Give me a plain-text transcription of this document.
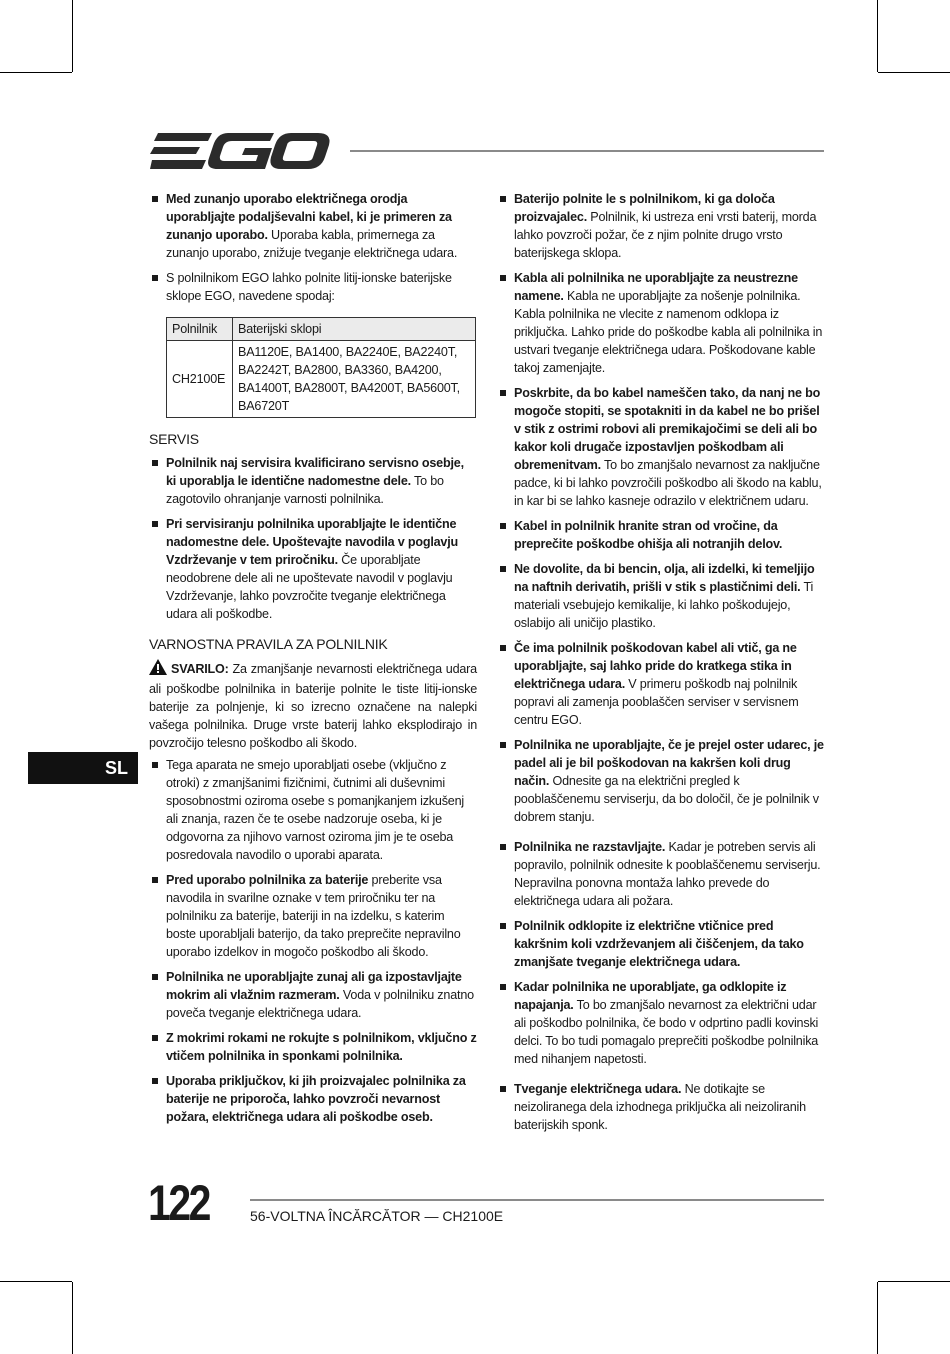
SL
Med zunanjo uporabo električnega orodja uporabljajte podaljševalni kabel, ki je primeren za zunanjo uporabo. Uporaba kabla, primernega za zunanjo uporabo, znižuje tveganje električnega udara.
S polnilnikom EGO lahko polnite litij-ionske baterijske sklope EGO, navedene spodaj:
Polnilnik	Baterijski sklopi
CH2100E	BA1120E, BA1400, BA2240E, BA2240T, BA2242T, BA2800, BA3360, BA4200, BA1400T, BA2800T, BA4200T, BA5600T, BA6720T
SERVIS
Polnilnik naj servisira kvalificirano servisno osebje, ki uporablja le identične nadomestne dele. To bo zagotovilo ohranjanje varnosti polnilnika.
Pri servisiranju polnilnika uporabljajte le identične nadomestne dele. Upoštevajte navodila v poglavju Vzdrževanje v tem priročniku. Če uporabljate neodobrene dele ali ne upoštevate navodil v poglavju Vzdrževanje, lahko povzročite tveganje električnega udara ali poškodbe.
VARNOSTNA PRAVILA ZA POLNILNIK
SVARILO: Za zmanjšanje nevarnosti električnega udara ali poškodbe polnilnika in baterije polnite le tiste litij-ionske baterije za polnjenje, ki so izrecno označene na nalepki vašega polnilnika. Druge vrste baterij lahko eksplodirajo in povzročijo telesno poškodbo ali škodo.
Tega aparata ne smejo uporabljati osebe (vključno z otroki) z zmanjšanimi fizičnimi, čutnimi ali duševnimi sposobnostmi oziroma osebe s pomanjkanjem izkušenj ali znanja, razen če te osebe nadzoruje oseba, ki je odgovorna za njihovo varnost oziroma jim je te oseba posredovala navodilo o uporabi aparata.
Pred uporabo polnilnika za baterije preberite vsa navodila in svarilne oznake v tem priročniku ter na polnilniku za baterije, bateriji in na izdelku, s katerim boste uporabljali baterijo, da tako preprečite nepravilno uporabo izdelkov in mogočo poškodbo ali škodo.
Polnilnika ne uporabljajte zunaj ali ga izpostavljajte mokrim ali vlažnim razmeram. Voda v polnilniku znatno poveča tveganje električnega udara.
Z mokrimi rokami ne rokujte s polnilnikom, vključno z vtičem polnilnika in sponkami polnilnika.
Uporaba priključkov, ki jih proizvajalec polnilnika za baterije ne priporoča, lahko povzroči nevarnost požara, električnega udara ali poškodbe oseb.
Baterijo polnite le s polnilnikom, ki ga določa proizvajalec. Polnilnik, ki ustreza eni vrsti baterij, morda lahko povzroči požar, če z njim polnite drugo vrsto baterijskega sklopa.
Kabla ali polnilnika ne uporabljajte za neustrezne namene. Kabla ne uporabljajte za nošenje polnilnika. Kabla polnilnika ne vlecite z namenom odklopa iz priključka. Lahko pride do poškodbe kabla ali polnilnika in ustvari tveganje električnega udara. Poškodovane kable takoj zamenjajte.
Poskrbite, da bo kabel nameščen tako, da nanj ne bo mogoče stopiti, se spotakniti in da kabel ne bo prišel v stik z ostrimi robovi ali premikajočimi se deli ali bo kakor koli drugače izpostavljen poškodbam ali obremenitvam. To bo zmanjšalo nevarnost za naključne padce, ki bi lahko povzročili poškodbo ali škodo na kablu, in kar bi se lahko kasneje odrazilo v električnem udaru.
Kabel in polnilnik hranite stran od vročine, da preprečite poškodbe ohišja ali notranjih delov.
Ne dovolite, da bi bencin, olja, ali izdelki, ki temeljijo na naftnih derivatih, prišli v stik s plastičnimi deli. Ti materiali vsebujejo kemikalije, ki lahko poškodujejo, oslabijo ali uničijo plastiko.
Če ima polnilnik poškodovan kabel ali vtič, ga ne uporabljajte, saj lahko pride do kratkega stika in električnega udara. V primeru poškodb naj polnilnik popravi ali zamenja pooblaščen serviser v servisnem centru EGO.
Polnilnika ne uporabljajte, če je prejel oster udarec, je padel ali je bil poškodovan na kakršen koli drug način. Odnesite ga na električni pregled k pooblaščenemu serviserju, da bo določil, če je polnilnik v dobrem stanju.
Polnilnika ne razstavljajte. Kadar je potreben servis ali popravilo, polnilnik odnesite k pooblaščenemu serviserju. Nepravilna ponovna montaža lahko prevede do električnega udara ali požara.
Polnilnik odklopite iz električne vtičnice pred kakršnim koli vzdrževanjem ali čiščenjem, da tako zmanjšate tveganje električnega udara.
Kadar polnilnika ne uporabljate, ga odklopite iz napajanja. To bo zmanjšalo nevarnost za električni udar ali poškodbo polnilnika, če bodo v odprtino padli kovinski delci. To bo tudi pomagalo preprečiti poškodbe polnilnika med nihanjem napetosti.
Tveganje električnega udara. Ne dotikajte se neizoliranega dela izhodnega priključka ali neizoliranih baterijskih sponk.
122	56-VOLTNA ÎNCĂRCĂTOR — CH2100E
